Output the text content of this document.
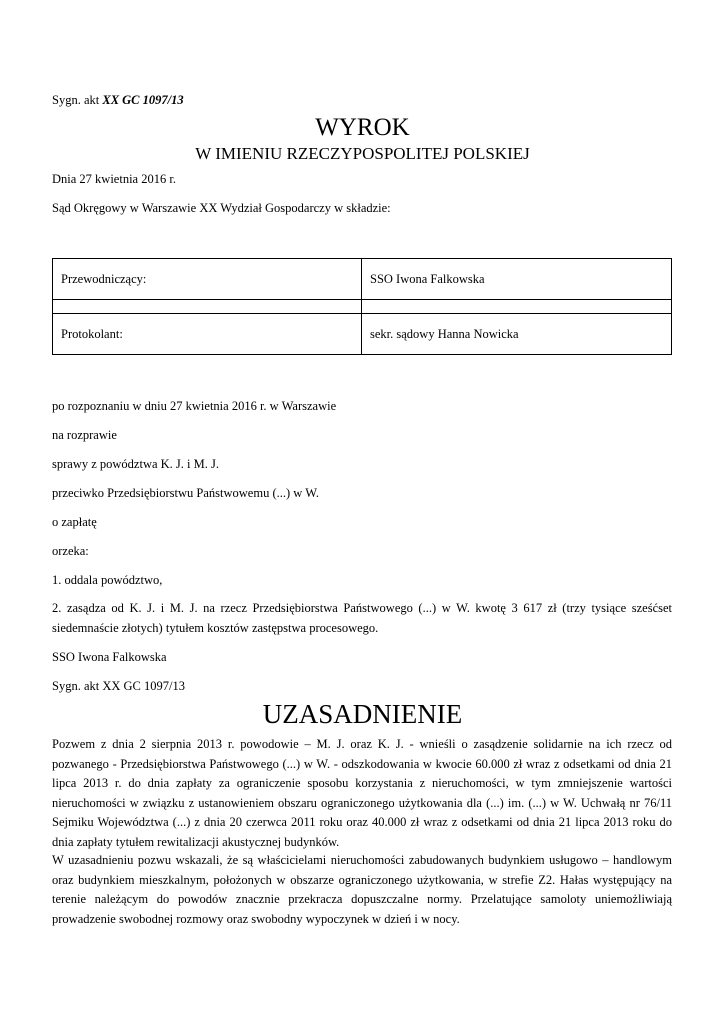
Sygn. akt XX GC 1097/13
WYROK
W IMIENIU RZECZYPOSPOLITEJ POLSKIEJ
Dnia 27 kwietnia 2016 r.
Sąd Okręgowy w Warszawie XX Wydział Gospodarczy w składzie:
Przewodniczący:	SSO Iwona Falkowska

Protokolant:	sekr. sądowy Hanna Nowicka
po rozpoznaniu w dniu 27 kwietnia 2016 r. w Warszawie
na rozprawie
sprawy z powództwa K. J. i M. J.
przeciwko Przedsiębiorstwu Państwowemu (...) w W.
o zapłatę
orzeka:
1. oddala powództwo,
2. zasądza od K. J. i M. J. na rzecz Przedsiębiorstwa Państwowego (...) w W. kwotę 3 617 zł (trzy tysiące sześćset siedemnaście złotych) tytułem kosztów zastępstwa procesowego.
SSO Iwona Falkowska
Sygn. akt XX GC 1097/13
UZASADNIENIE
Pozwem z dnia 2 sierpnia 2013 r. powodowie – M. J. oraz K. J. - wnieśli o zasądzenie solidarnie na ich rzecz od pozwanego - Przedsiębiorstwa Państwowego (...) w W. - odszkodowania w kwocie 60.000 zł wraz z odsetkami od dnia 21 lipca 2013 r. do dnia zapłaty za ograniczenie sposobu korzystania z nieruchomości, w tym zmniejszenie wartości nieruchomości w związku z ustanowieniem obszaru ograniczonego użytkowania dla (...) im. (...) w W. Uchwałą nr 76/11 Sejmiku Województwa (...) z dnia 20 czerwca 2011 roku oraz 40.000 zł wraz z odsetkami od dnia 21 lipca 2013 roku do dnia zapłaty tytułem rewitalizacji akustycznej budynków.
W uzasadnieniu pozwu wskazali, że są właścicielami nieruchomości zabudowanych budynkiem usługowo – handlowym oraz budynkiem mieszkalnym, położonych w obszarze ograniczonego użytkowania, w strefie Z2. Hałas występujący na terenie należącym do powodów znacznie przekracza dopuszczalne normy. Przelatujące samoloty uniemożliwiają prowadzenie swobodnej rozmowy oraz swobodny wypoczynek w dzień i w nocy.
